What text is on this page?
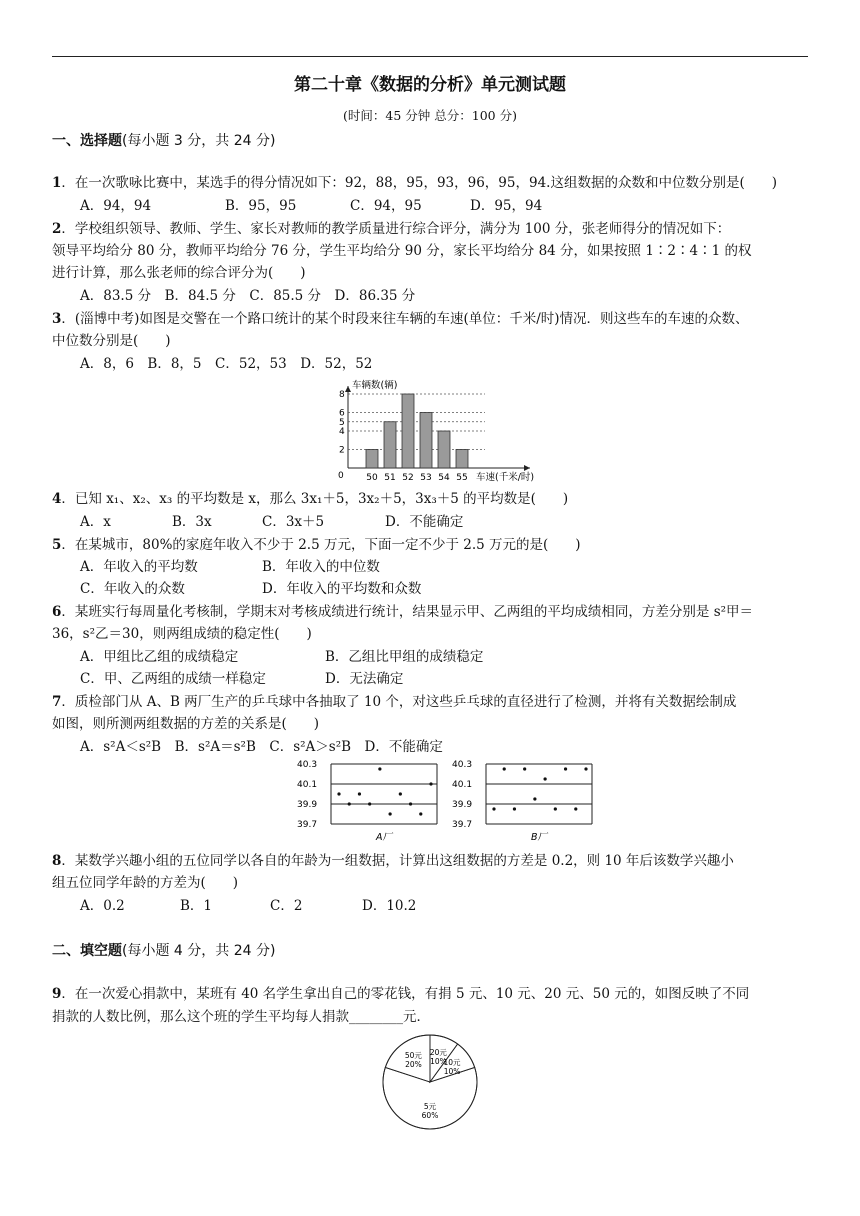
第二十章《数据的分析》单元测试题
(时间：45 分钟 总分：100 分)
一、选择题(每小题 3 分，共 24 分)
1．在一次歌咏比赛中，某选手的得分情况如下：92，88，95，93，96，95，94.这组数据的众数和中位数分别是(　　)
A．94，94	B．95，95	C．94，95	D．95，94
2．学校组织领导、教师、学生、家长对教师的教学质量进行综合评分，满分为 100 分，张老师得分的情况如下：
领导平均给分 80 分，教师平均给分 76 分，学生平均给分 90 分，家长平均给分 84 分，如果按照 1∶2∶4∶1 的权
进行计算，那么张老师的综合评分为(　　)
A．83.5 分　B．84.5 分　C．85.5 分　D．86.35 分
3．(淄博中考)如图是交警在一个路口统计的某个时段来往车辆的车速(单位：千米/时)情况．则这些车的车速的众数、
中位数分别是(　　)
A．8，6　B．8，5　C．52，53　D．52，52
车辆数(辆)
车速(千米/时)
0
2
4
5
6
8
50 51 52 53 54 55
4．已知 x₁、x₂、x₃ 的平均数是 x，那么 3x₁＋5，3x₂＋5，3x₃＋5 的平均数是(　　)
A．x	B．3x	C．3x＋5	D．不能确定
5．在某城市，80%的家庭年收入不少于 2.5 万元，下面一定不少于 2.5 万元的是(　　)
A．年收入的平均数	B．年收入的中位数
C．年收入的众数	D．年收入的平均数和众数
6．某班实行每周量化考核制，学期末对考核成绩进行统计，结果显示甲、乙两组的平均成绩相同，方差分别是 s²甲＝
36，s²乙＝30，则两组成绩的稳定性(　　)
A．甲组比乙组的成绩稳定	B．乙组比甲组的成绩稳定
C．甲、乙两组的成绩一样稳定	D．无法确定
7．质检部门从 A、B 两厂生产的乒乓球中各抽取了 10 个，对这些乒乓球的直径进行了检测，并将有关数据绘制成
如图，则所测两组数据的方差的关系是(　　)
A．s²A＜s²B　B．s²A＝s²B　C．s²A＞s²B　D．不能确定
40.3
40.1
39.9
39.7
A厂
40.3
40.1
39.9
39.7
B厂
8．某数学兴趣小组的五位同学以各自的年龄为一组数据，计算出这组数据的方差是 0.2，则 10 年后该数学兴趣小
组五位同学年龄的方差为(　　)
A．0.2	B．1	C．2	D．10.2
二、填空题(每小题 4 分，共 24 分)
9．在一次爱心捐款中，某班有 40 名学生拿出自己的零花钱，有捐 5 元、10 元、20 元、50 元的，如图反映了不同
捐款的人数比例，那么这个班的学生平均每人捐款________元．
5元
60%
10元
10%
20元
10%
50元
20%
